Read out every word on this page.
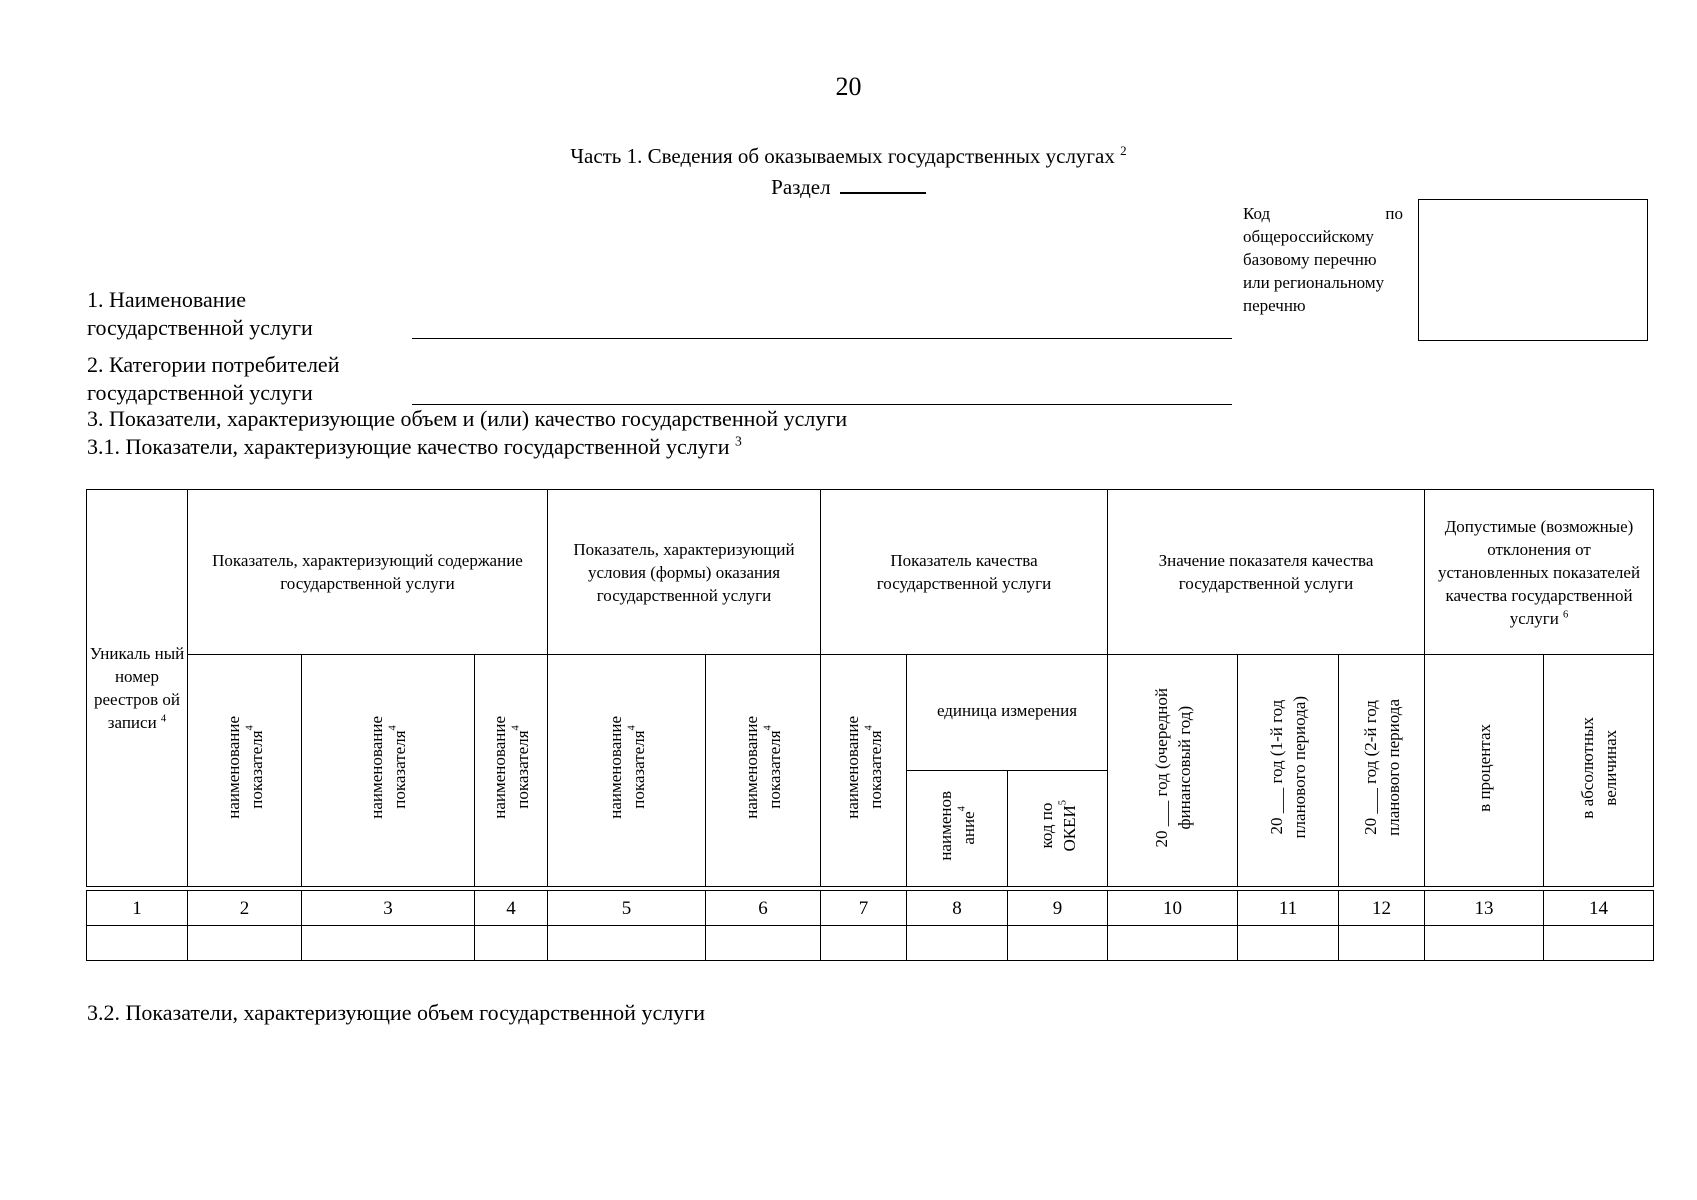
20
Часть 1. Сведения об оказываемых государственных услугах $^2$
Раздел
Код	по
общероссийскому базовому перечню или региональному перечню
1. Наименование
государственной услуги
2. Категории потребителей
государственной услуги
3. Показатели, характеризующие объем и (или) качество государственной услуги
3.1. Показатели, характеризующие качество государственной услуги $^3$
Уникаль ный номер реестров ой записи $^4$	Показатель, характеризующий содержание государственной услуги			Показатель, характеризующий условия (формы) оказания государственной услуги		Показатель качества государственной услуги			Значение показателя качества государственной услуги			Допустимые (возможные) отклонения от установленных показателей качества государственной услуги $^6$
	наименование показателя$^4$	наименование показателя$^4$	наименование показателя$^4$	наименование показателя$^4$	наименование показателя$^4$	наименование показателя$^4$	единица измерения		20 ___ год (очередной финансовый год)	20 ___ год (1-й год планового периода)	20 ___ год (2-й год планового периода	в процентах	в абсолютных величинах
							наименов ание$^4$	код по ОКЕИ$^5$

1	2	3	4	5	6	7	8	9	10	11	12	13	14

3.2. Показатели, характеризующие объем государственной услуги
